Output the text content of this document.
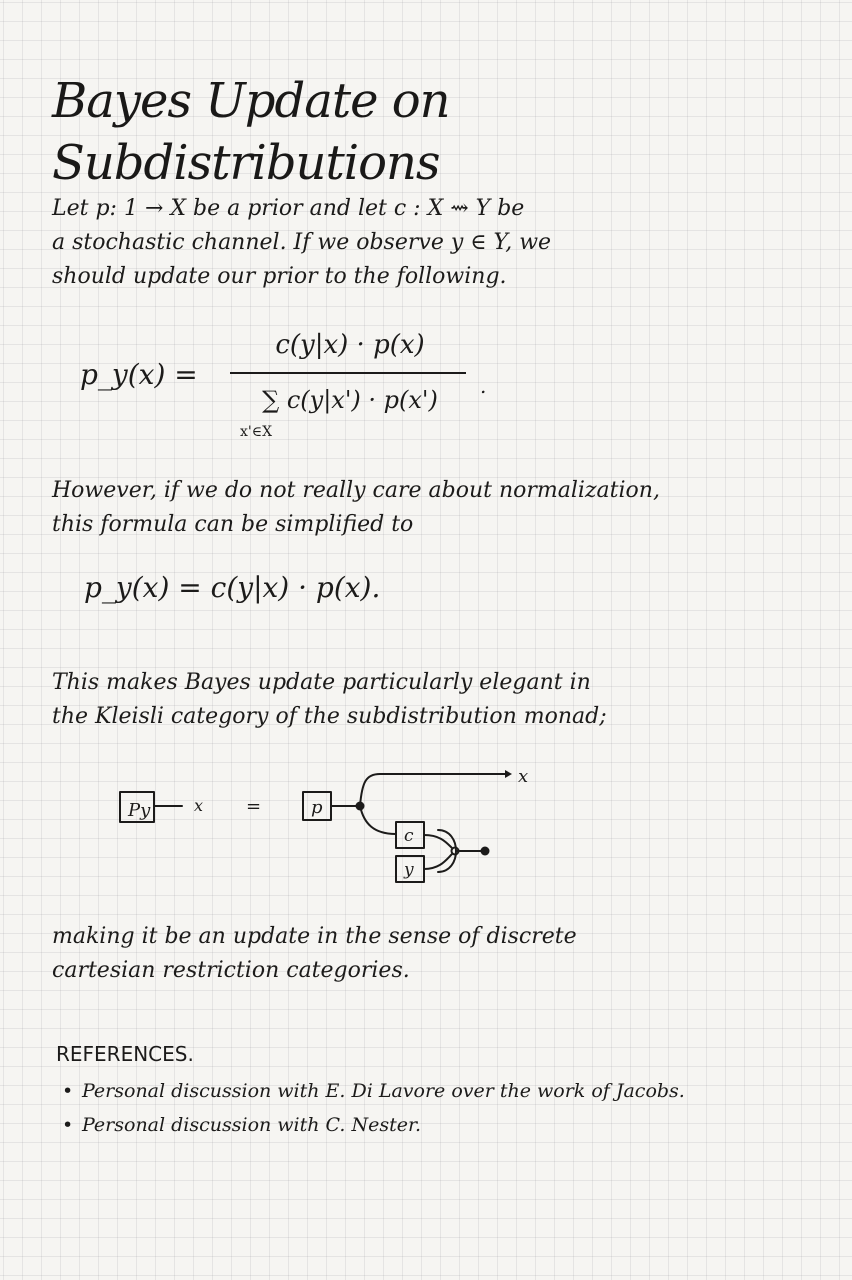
Bayes Update on Subdistributions

Let p: 1 → X be a prior and let c : X ⇝ Y be
a stochastic channel. If we observe y ∈ Y, we
should update our prior to the following.

p_y(x) =
c(y|x) · p(x)
∑ c(y|x') · p(x')
x'∈X
.

However, if we do not really care about normalization,
this formula can be simplified to

p_y(x) = c(y|x) · p(x).

This makes Bayes update particularly elegant in
the Kleisli category of the subdistribution monad;

Py	x =	p
c
y
x

making it be an update in the sense of discrete
cartesian restriction categories.

REFERENCES.
• Personal discussion with E. Di Lavore over the work of Jacobs.
• Personal discussion with C. Nester.
